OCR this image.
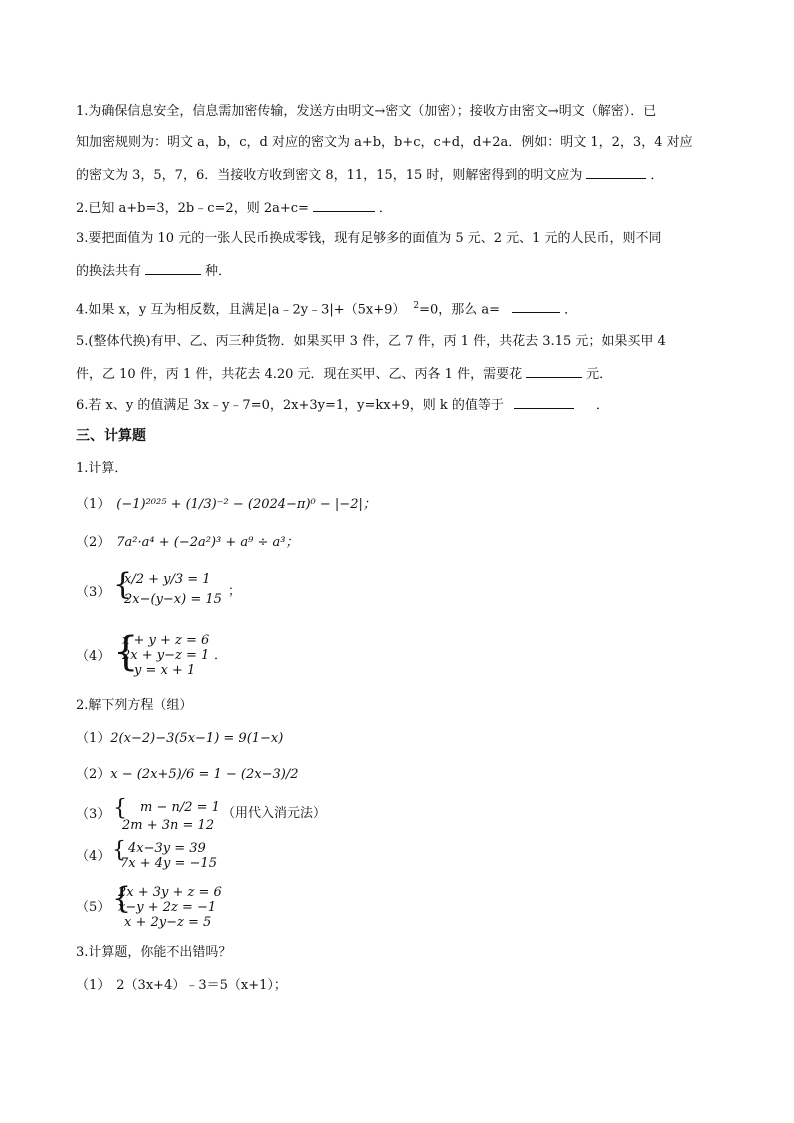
1.为确保信息安全，信息需加密传输，发送方由明文→密文（加密）；接收方由密文→明文（解密）．已
知加密规则为：明文 a，b，c，d 对应的密文为 a+b，b+c，c+d，d+2a．例如：明文 1，2，3，4 对应
的密文为 3，5，7，6．当接收方收到密文 8，11，15，15 时，则解密得到的明文应为	．
2.已知 a+b=3，2b﹣c=2，则 2a+c=	．
3.要把面值为 10 元的一张人民币换成零钱，现有足够多的面值为 5 元、2 元、1 元的人民币，则不同
的换法共有	种．
4.如果 x，y 互为相反数，且满足|a﹣2y﹣3|+（5x+9） $^2$=0，那么 a=	．
5.(整体代换)有甲、乙、丙三种货物．如果买甲 3 件，乙 7 件，丙 1 件，共花去 3.15 元；如果买甲 4
件，乙 10 件，丙 1 件，共花去 4.20 元．现在买甲、乙、丙各 1 件，需要花	元．
6.若 x、y 的值满足 3x﹣y﹣7=0，2x+3y=1，y=kx+9，则 k 的值等于	．
三、计算题
1.计算．
（1） (−1)²⁰²⁵ + (1/3)⁻² − (2024−π)⁰ − |−2|；
（2） 7a²·a⁴ + (−2a²)³ + a⁹ ÷ a³；
（3） {
x/2 + y/3 = 1
2x−(y−x) = 15
；
（4） {
x + y + z = 6
2x + y−z = 1
y = x + 1
．
2.解下列方程（组）
（1）2(x−2)−3(5x−1) = 9(1−x)
（2）x − (2x+5)/6 = 1 − (2x−3)/2
（3） { m − n/2 = 1
2m + 3n = 12
（用代入消元法）
（4） { 4x−3y = 39
7x + 4y = −15
（5） {
2x + 3y + z = 6
x−y + 2z = −1
x + 2y−z = 5
3.计算题，你能不出错吗？
（1） 2（3x+4）﹣3＝5（x+1）；
